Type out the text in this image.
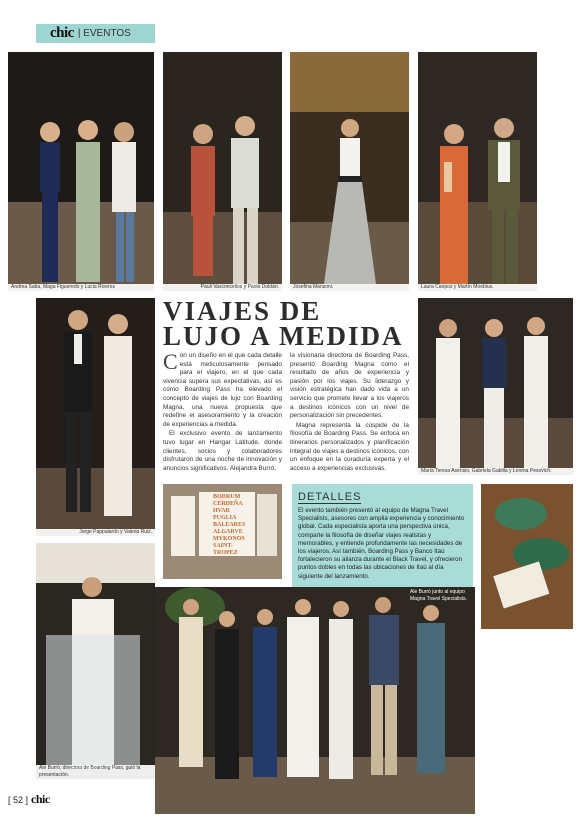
chic | EVENTOS
Andrea Saba, Maga Figueredo y Lucia Riveros	Pauli Vasconcellos y Paolo Doldán.	Josefina Manzoni.	Laura Canpos y Martín Moebius.
VIAJES DE
LUJO A MEDIDA
Jorge Pappalardo y Valeria Ruiz.

Con un diseño en el que cada detalle está meticulosamente pensado para el viajero, en el que cada vivencia supera sus expectativas, así es como Boarding Pass ha elevado el concepto de viajes de lujo con Boarding Magna, una nueva propuesta que redefine el asesoramiento y la creación de experiencias a medida.

El exclusivo evento de lanzamiento tuvo lugar en Hangar Latitude, donde clientes, socios y colaboradores disfrutaron de una noche de innovación y anuncios significativos. Alejandra Burró,

la visionaria directora de Boarding Pass, presentó Boarding Magna como el resultado de años de experiencia y pasión por los viajes. Su liderazgo y visión estratégica han dado vida a un servicio que promete llevar a los viajeros a destinos icónicos con un nivel de personalización sin precedentes.

Magna representa la cúspide de la filosofía de Boarding Pass. Se enfoca en itinerarios personalizados y planificación integral de viajes a destinos icónicos, con un enfoque en la curaduría experta y el acceso a experiencias exclusivas.	María Teresa Asensio, Gabriela Gabilla y Lorena Pesovich.
BODRUM CERDEÑA HVAR PUGLIA BALEARES ALGARVE MYKONOS SAINT-TROPEZ
DETALLES
El evento también presentó al equipo de Magna Travel Specialists, asesores con amplia experiencia y conocimiento global. Cada especialista aporta una perspectiva única, comparte la filosofía de diseñar viajes realistas y memorables, y entiende profundamente las necesidades de los viajeros. Así también, Boarding Pass y Banco Itaú fortalecieron su alianza durante el Black Travel, y ofrecieron puntos dobles en todas las ubicaciones de Itaú al día siguiente del lanzamiento.
Ale Burró, directora de Boarding Pass, guió la presentación.
Ale Burró junto al equipo Magna Travel Specialists.
[ 52 ] chic
